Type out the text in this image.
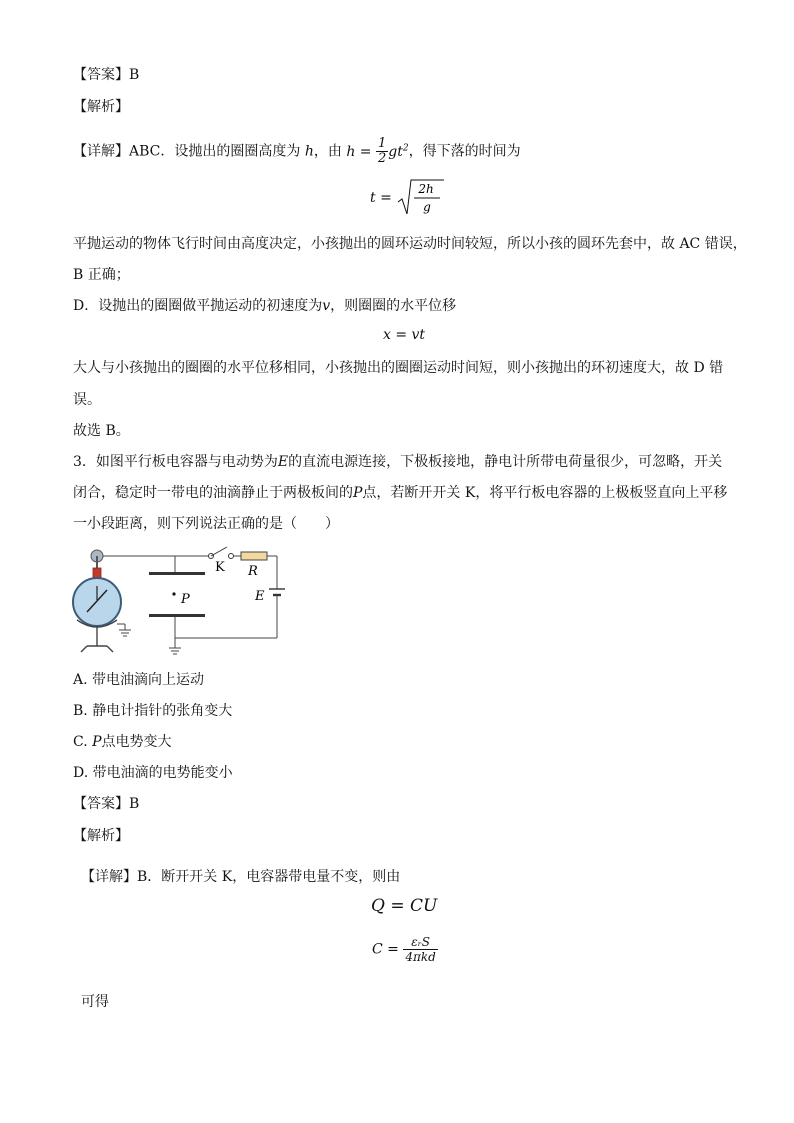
【答案】B
【解析】
【详解】ABC．设抛出的圈圈高度为 h，由 $h = \frac{1}{2} gt^2$，得下落的时间为
t =
2h
g
平抛运动的物体飞行时间由高度决定，小孩抛出的圆环运动时间较短，所以小孩的圆环先套中，故 AC 错误，
B 正确；
D．设抛出的圈圈做平抛运动的初速度为v，则圈圈的水平位移
x = vt
大人与小孩抛出的圈圈的水平位移相同，小孩抛出的圈圈运动时间短，则小孩抛出的环初速度大，故 D 错
误。
故选 B。
3．如图平行板电容器与电动势为E的直流电源连接，下极板接地，静电计所带电荷量很少，可忽略，开关
闭合，稳定时一带电的油滴静止于两极板间的P点，若断开开关 K，将平行板电容器的上极板竖直向上平移
一小段距离，则下列说法正确的是（　　）
K R
E
P
A. 带电油滴向上运动
B. 静电计指针的张角变大
C. P点电势变大
D. 带电油滴的电势能变小
【答案】B
【解析】
【详解】B．断开开关 K，电容器带电量不变，则由
Q = CU
$C = \frac{\text{εᵣS}}{\text{4πkd}}$
可得
